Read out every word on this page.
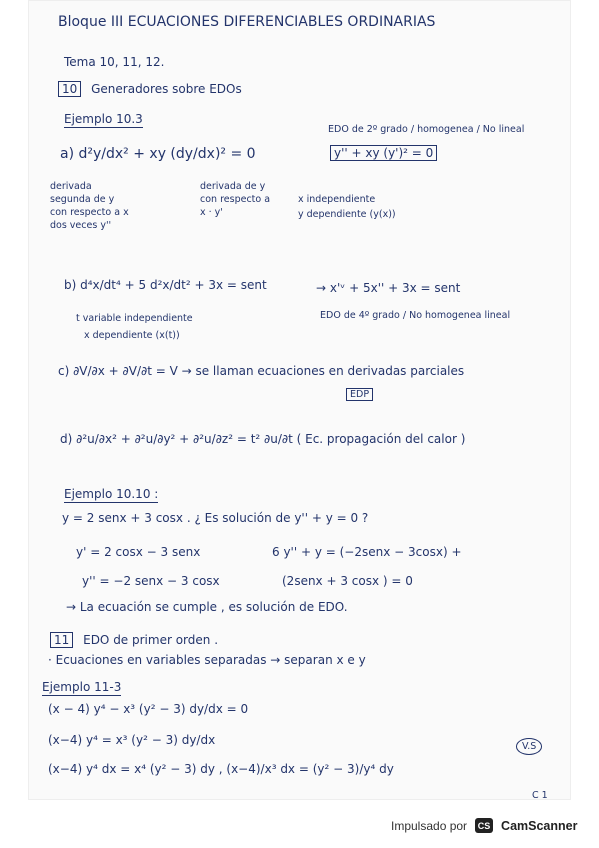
Bloque III ECUACIONES DIFERENCIABLES ORDINARIAS
Tema 10, 11, 12.
10 Generadores sobre EDOs
Ejemplo 10.3
EDO de 2º grado / homogenea / No lineal
a) d²y/dx² + xy (dy/dx)² = 0	y'' + xy (y')² = 0
derivada segunda de y con respecto a x dos veces y''
derivada de y con respecto a x · y'
x independiente
y dependiente (y(x))
b) d⁴x/dt⁴ + 5 d²x/dt² + 3x = sent	→ x'ᵛ + 5x'' + 3x = sent
t variable independiente
x dependiente (x(t))
EDO de 4º grado / No homogenea lineal
c) ∂V/∂x + ∂V/∂t = V → se llaman ecuaciones en derivadas parciales
EDP
d) ∂²u/∂x² + ∂²u/∂y² + ∂²u/∂z² = t² ∂u/∂t ( Ec. propagación del calor )
Ejemplo 10.10 :
y = 2 senx + 3 cosx . ¿ Es solución de y'' + y = 0 ?
y' = 2 cosx − 3 senx	6 y'' + y = (−2senx − 3cosx) +
y'' = −2 senx − 3 cosx	(2senx + 3 cosx ) = 0
→ La ecuación se cumple , es solución de EDO.
11 EDO de primer orden .
· Ecuaciones en variables separadas → separan x e y
Ejemplo 11-3
(x − 4) y⁴ − x³ (y² − 3) dy/dx = 0
(x−4) y⁴ = x³ (y² − 3) dy/dx
(x−4) y⁴ dx = x⁴ (y² − 3) dy , (x−4)/x³ dx = (y² − 3)/y⁴ dy
V.S
C 1
Impulsado por	CS CamScanner
